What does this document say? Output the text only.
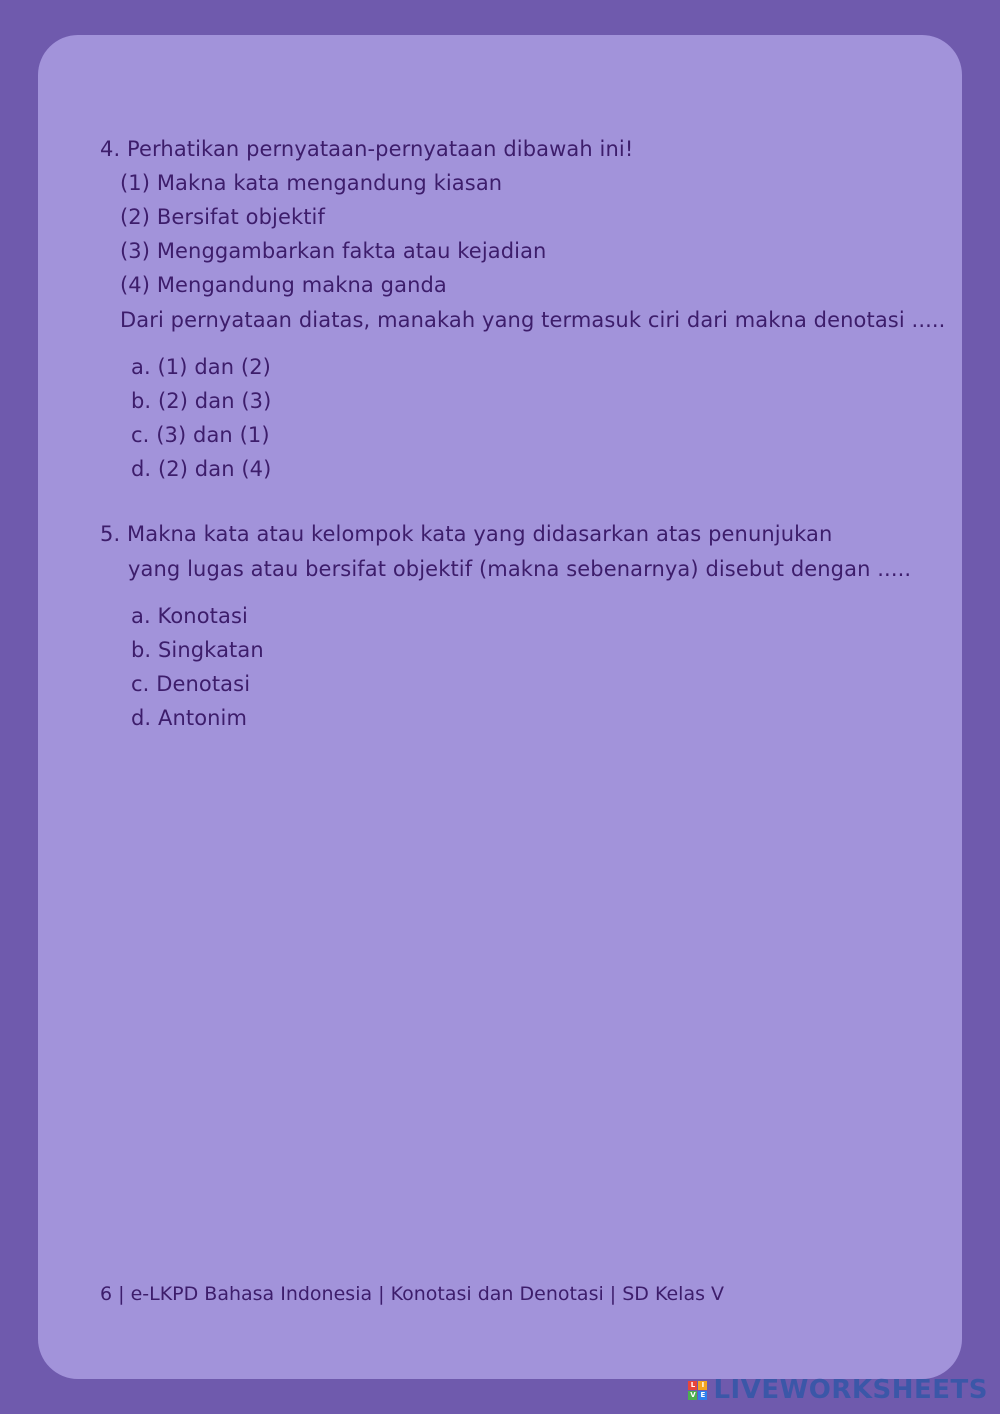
4. Perhatikan pernyataan-pernyataan dibawah ini!
(1) Makna kata mengandung kiasan
(2) Bersifat objektif
(3) Menggambarkan fakta atau kejadian
(4) Mengandung makna ganda
Dari pernyataan diatas, manakah yang termasuk ciri dari makna denotasi .....
a. (1) dan (2)
b. (2) dan (3)
c. (3) dan (1)
d. (2) dan (4)
5. Makna kata atau kelompok kata yang didasarkan atas penunjukan
yang lugas atau bersifat objektif (makna sebenarnya) disebut dengan .....
a. Konotasi
b. Singkatan
c. Denotasi
d. Antonim
6 | e-LKPD Bahasa Indonesia | Konotasi dan Denotasi | SD Kelas V
L I
V E LIVEWORKSHEETS
